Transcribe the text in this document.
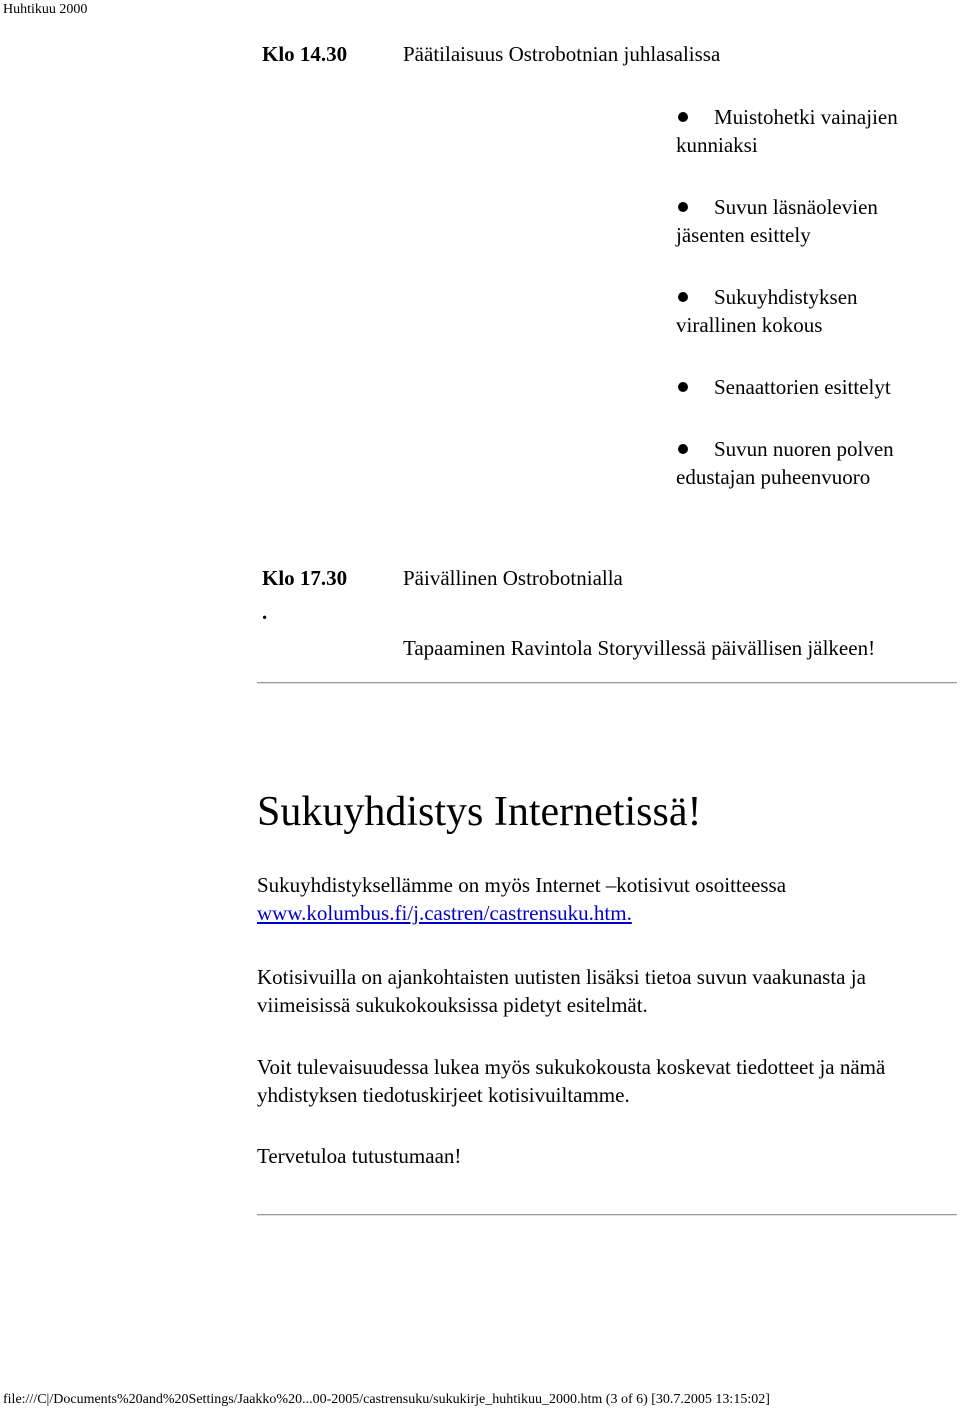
Huhtikuu 2000
Klo 14.30	Päätilaisuus Ostrobotnian juhlasalissa
Muistohetki vainajien kunniaksi
Suvun läsnäolevien jäsenten esittely
Sukuyhdistyksen virallinen kokous
Senaattorien esittelyt
Suvun nuoren polven edustajan puheenvuoro
Klo 17.30
.
Päivällinen Ostrobotnialla
Tapaaminen Ravintola Storyvillessä päivällisen jälkeen!
Sukuyhdistys Internetissä!

Sukuyhdistyksellämme on myös Internet –kotisivut osoitteessa
www.kolumbus.fi/j.castren/castrensuku.htm.

Kotisivuilla on ajankohtaisten uutisten lisäksi tietoa suvun vaakunasta ja viimeisissä sukukokouksissa pidetyt esitelmät.

Voit tulevaisuudessa lukea myös sukukokousta koskevat tiedotteet ja nämä yhdistyksen tiedotuskirjeet kotisivuiltamme.

Tervetuloa tutustumaan!

file:///C|/Documents%20and%20Settings/Jaakko%20...00-2005/castrensuku/sukukirje_huhtikuu_2000.htm (3 of 6) [30.7.2005 13:15:02]
